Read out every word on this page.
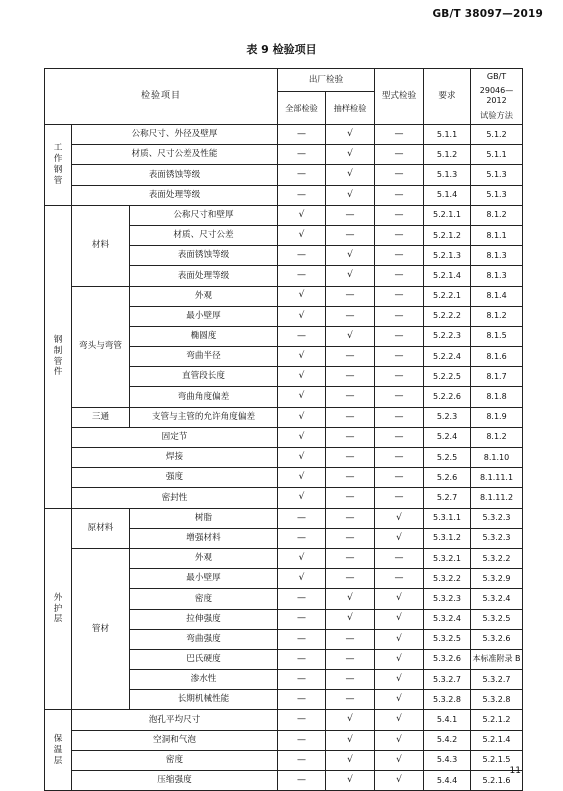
GB/T 38097—2019
表 9 检验项目
检验项目			出厂检验		型式检验	要求	GB/T
29046—2012
试验方法

			全部检验	抽样检验			

工
作
钢
管	公称尺寸、外径及壁厚		—	√	—	5.1.1	5.1.2
	材质、尺寸公差及性能		—	√	—	5.1.2	5.1.1
	表面锈蚀等级		—	√	—	5.1.3	5.1.3
	表面处理等级		—	√	—	5.1.4	5.1.3

钢
制
管
件	材料	公称尺寸和壁厚	√	—	—	5.2.1.1	8.1.2
		材质、尺寸公差	√	—	—	5.2.1.2	8.1.1
		表面锈蚀等级	—	√	—	5.2.1.3	8.1.3
		表面处理等级	—	√	—	5.2.1.4	8.1.3
	弯头与弯管	外观	√	—	—	5.2.2.1	8.1.4
		最小壁厚	√	—	—	5.2.2.2	8.1.2
		椭圆度	—	√	—	5.2.2.3	8.1.5
		弯曲半径	√	—	—	5.2.2.4	8.1.6
		直管段长度	√	—	—	5.2.2.5	8.1.7
		弯曲角度偏差	√	—	—	5.2.2.6	8.1.8
	三通	支管与主管的允许角度偏差	√	—	—	5.2.3	8.1.9
	固定节		√	—	—	5.2.4	8.1.2
	焊接		√	—	—	5.2.5	8.1.10
	强度		√	—	—	5.2.6	8.1.11.1
	密封性		√	—	—	5.2.7	8.1.11.2

外
护
层	原材料	树脂	—	—	√	5.3.1.1	5.3.2.3
		增强材料	—	—	√	5.3.1.2	5.3.2.3
	管材	外观	√	—	—	5.3.2.1	5.3.2.2
		最小壁厚	√	—	—	5.3.2.2	5.3.2.9
		密度	—	√	√	5.3.2.3	5.3.2.4
		拉伸强度	—	√	√	5.3.2.4	5.3.2.5
		弯曲强度	—	—	√	5.3.2.5	5.3.2.6
		巴氏硬度	—	—	√	5.3.2.6	本标准附录 B
		渗水性	—	—	√	5.3.2.7	5.3.2.7
		长期机械性能	—	—	√	5.3.2.8	5.3.2.8

保
温
层	泡孔平均尺寸		—	√	√	5.4.1	5.2.1.2
	空洞和气泡		—	√	√	5.4.2	5.2.1.4
	密度		—	√	√	5.4.3	5.2.1.5
	压缩强度		—	√	√	5.4.4	5.2.1.6
11
